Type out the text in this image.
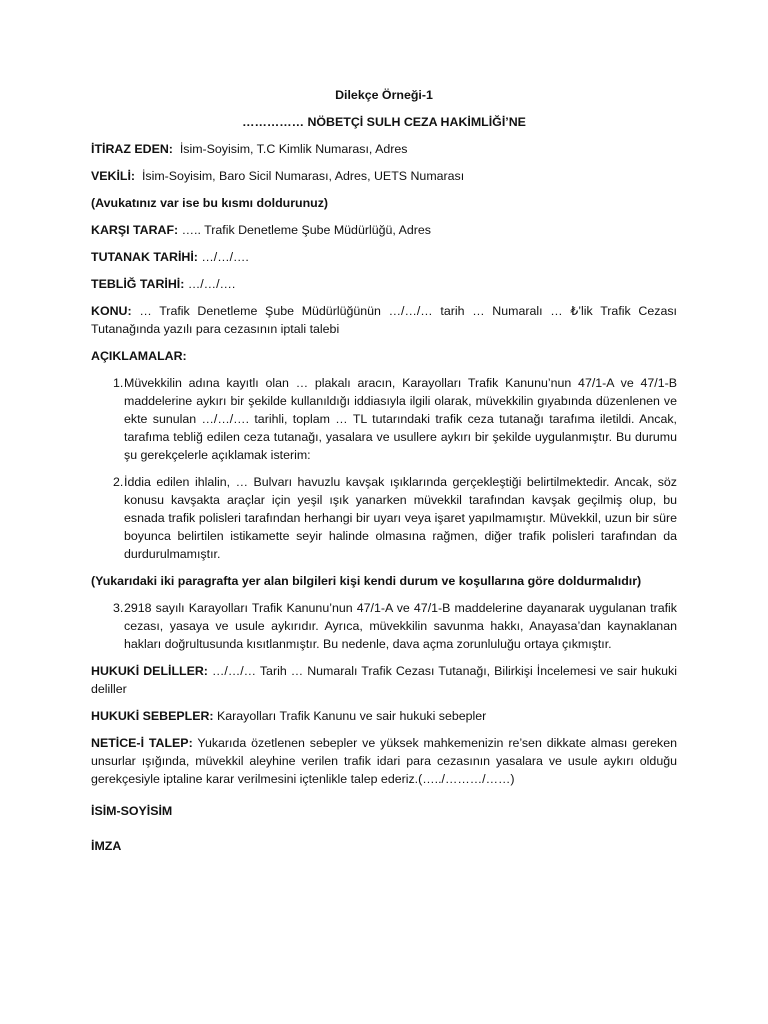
Dilekçe Örneği-1

…………… NÖBETÇİ SULH CEZA HAKİMLİĞİ’NE

İTİRAZ EDEN: İsim-Soyisim, T.C Kimlik Numarası, Adres

VEKİLİ: İsim-Soyisim, Baro Sicil Numarası, Adres, UETS Numarası

(Avukatınız var ise bu kısmı doldurunuz)

KARŞI TARAF: ….. Trafik Denetleme Şube Müdürlüğü, Adres

TUTANAK TARİHİ: …/…/….

TEBLİĞ TARİHİ: …/…/….

KONU: … Trafik Denetleme Şube Müdürlüğünün …/…/… tarih … Numaralı … ₺’lik Trafik Cezası Tutanağında yazılı para cezasının iptali talebi

AÇIKLAMALAR:

1. Müvekkilin adına kayıtlı olan … plakalı aracın, Karayolları Trafik Kanunu’nun 47/1-A ve 47/1-B maddelerine aykırı bir şekilde kullanıldığı iddiasıyla ilgili olarak, müvekkilin gıyabında düzenlenen ve ekte sunulan …/…/…. tarihli, toplam … TL tutarındaki trafik ceza tutanağı tarafıma iletildi. Ancak, tarafıma tebliğ edilen ceza tutanağı, yasalara ve usullere aykırı bir şekilde uygulanmıştır. Bu durumu şu gerekçelerle açıklamak isterim:
2. İddia edilen ihlalin, … Bulvarı havuzlu kavşak ışıklarında gerçekleştiği belirtilmektedir. Ancak, söz konusu kavşakta araçlar için yeşil ışık yanarken müvekkil tarafından kavşak geçilmiş olup, bu esnada trafik polisleri tarafından herhangi bir uyarı veya işaret yapılmamıştır. Müvekkil, uzun bir süre boyunca belirtilen istikamette seyir halinde olmasına rağmen, diğer trafik polisleri tarafından da durdurulmamıştır.

(Yukarıdaki iki paragrafta yer alan bilgileri kişi kendi durum ve koşullarına göre doldurmalıdır)

3. 2918 sayılı Karayolları Trafik Kanunu’nun 47/1-A ve 47/1-B maddelerine dayanarak uygulanan trafik cezası, yasaya ve usule aykırıdır. Ayrıca, müvekkilin savunma hakkı, Anayasa’dan kaynaklanan hakları doğrultusunda kısıtlanmıştır. Bu nedenle, dava açma zorunluluğu ortaya çıkmıştır.

HUKUKİ DELİLLER: …/…/… Tarih … Numaralı Trafik Cezası Tutanağı, Bilirkişi İncelemesi ve sair hukuki deliller

HUKUKİ SEBEPLER: Karayolları Trafik Kanunu ve sair hukuki sebepler

NETİCE-İ TALEP: Yukarıda özetlenen sebepler ve yüksek mahkemenizin re’sen dikkate alması gereken unsurlar ışığında, müvekkil aleyhine verilen trafik idari para cezasının yasalara ve usule aykırı olduğu gerekçesiyle iptaline karar verilmesini içtenlikle talep ederiz.(…../………/……)

İSİM-SOYİSİM

İMZA
